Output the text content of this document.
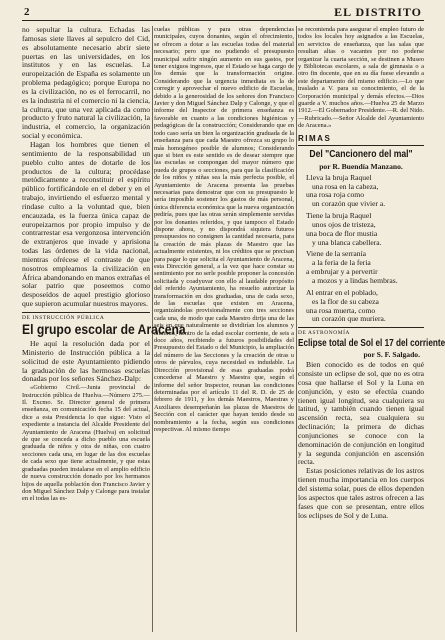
2	EL DISTRITO

no sepultar la cultura. Echadas las famosas siete llaves al sepulcro del Cid, es absolutamente necesario abrir siete puertas en las universidades, en los institutos y en las escuelas. La europeización de España es solamente un problema pedagógico; porque Europa no es la civilización, no es el ferrocarril, no es la industria ni el comercio ni la ciencia, la cultura, que una vez aplicada da como producto y fruto natural la civilización, la industria, el comercio, la organización social y económica.

Hagan los hombres que tienen el sentimiento de la responsabilidad un pueblo culto antes de dotarle de los productos de la cultura; procédase metódicamente a reconstituir el espíritu público fortificándole en el deber y en el trabajo, invirtiendo el esfuerzo mental y rindase culto a la voluntad que, bien encauzada, es la fuerza única capaz de europeizarnos por propio impulso y de contrarrestar esa vergonzosa intervención de extranjeros que invade y aprisiona todas las órdenes de la vida nacional, mientras ofrécese el contraste de que nosotros empleamos la civilización en África abandonando en manos extrañas el solar patrio que poseemos como desposeídos de aquel prestigio glorioso que supieron acumular nuestros mayores.

DE INSTRUCCIÓN PÚBLICA
El grupo escolar de Aracena

He aquí la resolución dada por el Ministerio de Instrucción pública a la solicitud de este Ayuntamiento pidiendo la graduación de las hermosas escuelas donadas por los señores Sánchez-Dalp:

«Gobierno Civil.—Junta provincial de Instrucción pública de Huelva.—Número 275.—Il. Excmo. Sr. Director general de primera enseñanza, en comunicación fecha 15 del actual, dice a esta Presidencia lo que sigue: Visto el expediente a instancia del Alcalde Presidente del Ayuntamiento de Aracena (Huelva) en solicitud de que se conceda a dicho pueblo una escuela graduada de niños y otra de niñas, con cuatro secciones cada una, en lugar de las dos escuelas de cada sexo que tiene actualmente, y que estas graduadas pueden instalarse en el amplio edificio de nueva construcción donado por los hermanos hijos de aquella población don Francisco Javier y don Miguel Sánchez Dalp y Calonge para instalar en el todas las es-

cuelas públicas y para otras dependencias municipales, cuyos donantes, según el ofrecimiento, se ofrecen a dotar a las escuelas todas del material necesario; pero que no pudiendo el presupuesto municipal sufrir ningún aumento en sus gastos, por tener exiguos ingresos, que el Estado se haga cargo de los demás que la transformación origine. Considerando que la urgencia inmediata es la de corregir y aprovechar el nuevo edificio de Escuelas, debido a la generosidad de los señores don Francisco Javier y don Miguel Sánchez Dalp y Calonge, y que el informe del Inspector de primera enseñanza es favorable en cuanto a las condiciones higiénicas y pedagógicas de la construcción; Considerando que en todo caso sería un bien la organización graduada de la enseñanza para que cada Maestro ofrezca su grupo lo más homogéneo posible de alumnos; Considerando que si bien es este sentido es de desear siempre que las escuelas se compongan del mayor número que pueda de grupos o secciones, para que la clasificación de los niños y niñas sea la más perfecta posible, el Ayuntamiento de Aracena presenta las pruebas necesarias para demostrar que con su presupuesto le sería imposible sostener los gastos de más personal, única diferencia económica que la nueva organización pediría, pues que las otras serán simplemente servidas por los donantes referidos, y que tampoco el Estado dispone ahora, y no dispondrá siquiera futuros presupuestos no consignen la cantidad necesaria, para la creación de más plazas de Maestro que las actualmente existentes, ni los créditos que se precisan para pagar lo que solicita el Ayuntamiento de Aracena, esta Dirección general, a la vez que hace constar su sentimiento por no serle posible proponer la concesión solicitada y coadyuvar con ello al laudable propósito del referido Ayuntamiento, ha resuelto autorizar la transformación en dos graduadas, una de cada sexo, de las escuelas que existen en Aracena, organizándolas provisionalmente con tres secciones cada una, de modo que cada Maestro dirija una de las seis en que naturalmente se dividirían los alumnos y alumnas, dentro de la edad escolar corriente, de seis a doce años, recibiendo a futuros posibilidades del Presupuesto del Estado o del Municipio, la ampliación del número de las Secciones y la creación de otras u otros de párvulos, cuya necesidad es indudable. La Dirección provisional de esas graduadas podrá concederse al Maestro y Maestra que, según el informe del señor Inspector, reunan las condiciones determinadas por el artículo 11 del R. D. de 25 de febrero de 1911, y los demás Maestros, Maestras y Auxiliares desempeñarán las plazas de Maestros de Sección con el carácter que hayan tenido desde su nombramiento a la fecha, según sus condiciones respectivas. Al mismo tiempo

se recomienda para asegurar el empleo futuro de todos los locales hoy asignados a las Escuelas, en servicios de enseñanza, que las salas que resultan altas o vacantes por no poderse organizar la cuarta sección, se destinen a Museo y Bibliotecas escolares, a sala de gimnasia o a otro fin docente, que en su día fuese elevando a este departamento del mismo edificio.—Lo que traslado a V. para su conocimiento, el de la Corporación municipal y demás efectos.—Dios guarde a V. muchos años.—Huelva 25 de Marzo 1912.—El Gobernador Presidente.—R. del Nido.—Rubricado.—Señor Alcalde del Ayuntamiento de Aracena.»

RIMAS
Del "Cancionero del mal"
por R. Buendía Manzano.
Lleva la bruja Raquel
una rosa en la cabeza,
una rosa roja como
un corazón que vivier a.
Tiene la bruja Raquel
unos ojos de tristeza,
una boca de flor mustia
y una blanca cabellera.
Viene de la serranía
a la feria de la feria
a embrujar y a pervertir
a mozos y a lindas hembras.
Al entrar en el poblado,
es la flor de su cabeza
una rosa muerta, como
un corazón que muriera.
DE ASTRONOMÍA
Eclipse total de Sol el 17 del corriente
por S. F. Salgado.

Bien conocido es de todos en qué consiste un eclipse de sol, que no es otra cosa que hallarse el Sol y la Luna en conjunción, y esto se efectúa cuando tienen igual longitud, sea cualquiera su latitud, y también cuando tienen igual ascensión recta, sea cualquiera su declinación; la primera de dichas conjunciones se conoce con la denominación de conjunción en longitud y la segunda conjunción en ascensión recta.

Estas posiciones relativas de los astros tienen mucha importancia en los cuerpos del sistema solar, pues de ellos dependen los aspectos que tales astros ofrecen a las fases que con se presentan, entre ellos los eclipses de Sol y de Luna.
